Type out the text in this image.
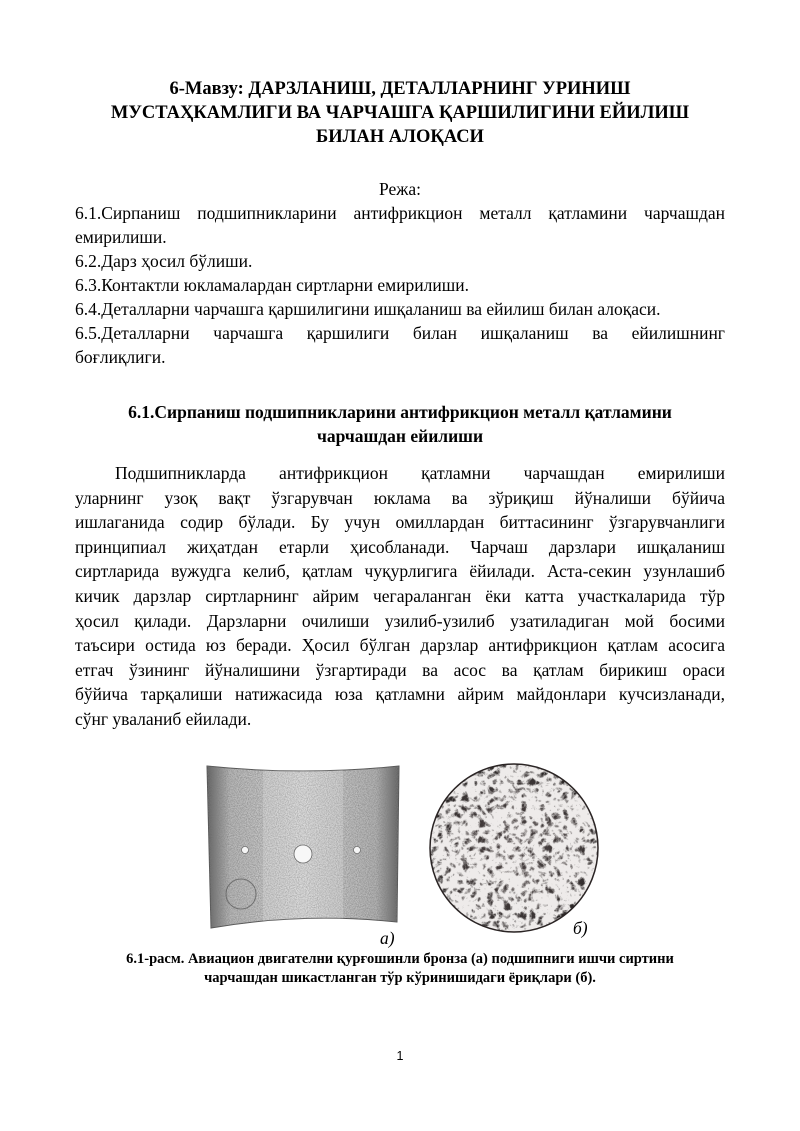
6-Мавзу: ДАРЗЛАНИШ, ДЕТАЛЛАРНИНГ УРИНИШ
МУСТАҲКАМЛИГИ ВА ЧАРЧАШГА ҚАРШИЛИГИНИ ЕЙИЛИШ
БИЛАН АЛОҚАСИ
Режа:
6.1.Сирпаниш подшипникларини антифрикцион металл қатламини чарчашдан
емирилиши.
6.2.Дарз ҳосил бўлиши.
6.3.Контактли юкламалардан сиртларни емирилиши.
6.4.Деталларни чарчашга қаршилигини ишқаланиш ва ейилиш билан алоқаси.
6.5.Деталларни чарчашга қаршилиги билан ишқаланиш ва ейилишнинг
боғлиқлиги.
6.1.Сирпаниш подшипникларини антифрикцион металл қатламини
чарчашдан ейилиши
Подшипникларда антифрикцион қатламни чарчашдан емирилиши
уларнинг узоқ вақт ўзгарувчан юклама ва зўриқиш йўналиши бўйича
ишлаганида содир бўлади. Бу учун омиллардан биттасининг ўзгарувчанлиги
принципиал жиҳатдан етарли ҳисобланади. Чарчаш дарзлари ишқаланиш
сиртларида вужудга келиб, қатлам чуқурлигига ёйилади. Аста-секин узунлашиб
кичик дарзлар сиртларнинг айрим чегараланган ёки катта участкаларида тўр
ҳосил қилади. Дарзларни очилиши узилиб-узилиб узатиладиган мой босими
таъсири остида юз беради. Ҳосил бўлган дарзлар антифрикцион қатлам асосига
етгач ўзининг йўналишини ўзгартиради ва асос ва қатлам бирикиш ораси
бўйича тарқалиши натижасида юза қатламни айрим майдонлари кучсизланади,
сўнг уваланиб ейилади.
а)	б)
6.1-расм. Авиацион двигателни қурғошинли бронза (а) подшипниги ишчи сиртини
чарчашдан шикастланган тўр кўринишидаги ёриқлари (б).
1
